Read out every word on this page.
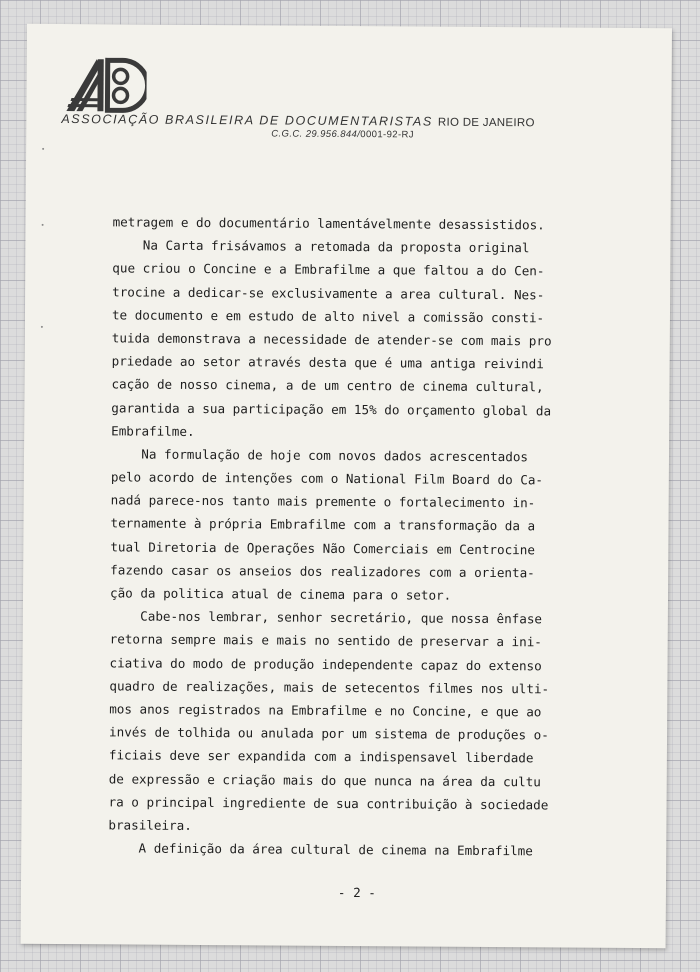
ASSOCIAÇÃO BRASILEIRA DE DOCUMENTARISTAS RIO DE JANEIRO
C.G.C. 29.956.844/0001-92-RJ
metragem e do documentário lamentávelmente desassistidos.
Na Carta frisávamos a retomada da proposta original
que criou o Concine e a Embrafilme a que faltou a do Cen-
trocine a dedicar-se exclusivamente a area cultural. Nes-
te documento e em estudo de alto nivel a comissão consti-
tuida demonstrava a necessidade de atender-se com mais pro
priedade ao setor através desta que é uma antiga reivindi
cação de nosso cinema, a de um centro de cinema cultural,
garantida a sua participação em 15% do orçamento global da
Embrafilme.
Na formulação de hoje com novos dados acrescentados
pelo acordo de intenções com o National Film Board do Ca-
nadá parece-nos tanto mais premente o fortalecimento in-
ternamente à própria Embrafilme com a transformação da a
tual Diretoria de Operações Não Comerciais em Centrocine
fazendo casar os anseios dos realizadores com a orienta-
ção da politica atual de cinema para o setor.
Cabe-nos lembrar, senhor secretário, que nossa ênfase
retorna sempre mais e mais no sentido de preservar a ini-
ciativa do modo de produção independente capaz do extenso
quadro de realizações, mais de setecentos filmes nos ulti-
mos anos registrados na Embrafilme e no Concine, e que ao
invés de tolhida ou anulada por um sistema de produções o-
ficiais deve ser expandida com a indispensavel liberdade
de expressão e criação mais do que nunca na área da cultu
ra o principal ingrediente de sua contribuição à sociedade
brasileira.
A definição da área cultural de cinema na Embrafilme
- 2 -
